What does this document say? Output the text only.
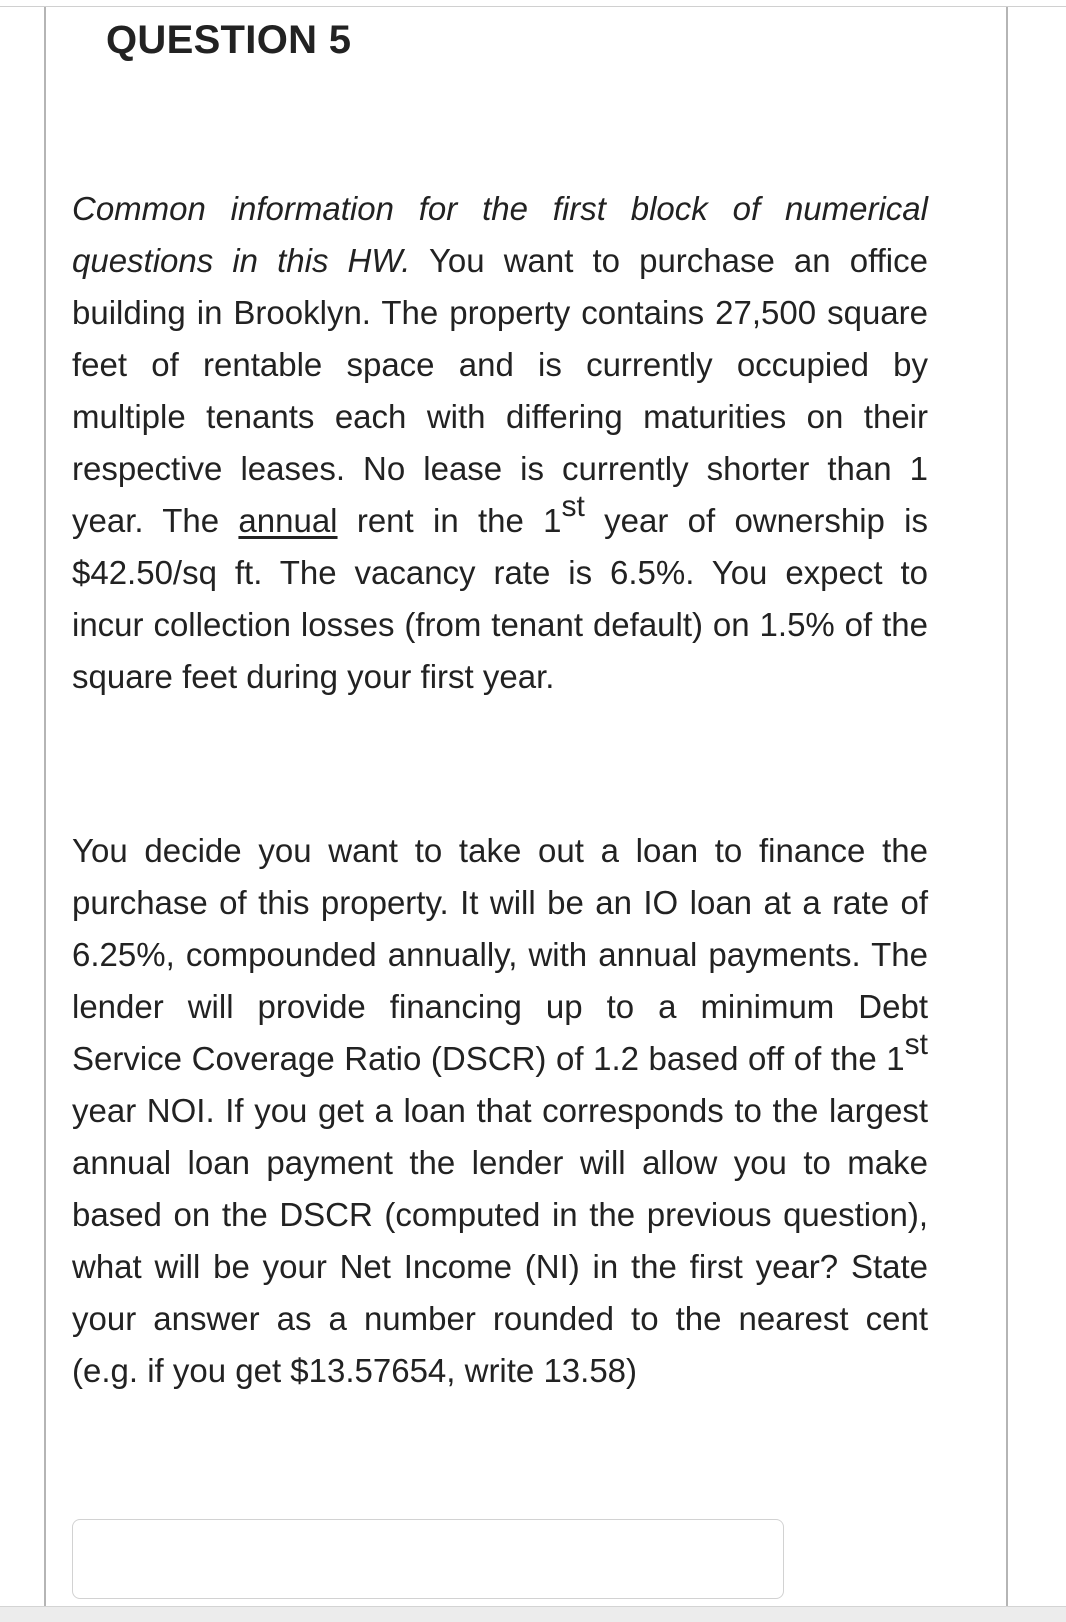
QUESTION 5

Common information for the first block of numerical questions in this HW. You want to purchase an office building in Brooklyn. The property contains 27,500 square feet of rentable space and is currently occupied by multiple tenants each with differing maturities on their respective leases. No lease is currently shorter than 1 year. The annual rent in the 1st year of ownership is $42.50/sq ft. The vacancy rate is 6.5%. You expect to incur collection losses (from tenant default) on 1.5% of the square feet during your first year.

You decide you want to take out a loan to finance the purchase of this property. It will be an IO loan at a rate of 6.25%, compounded annually, with annual payments. The lender will provide financing up to a minimum Debt Service Coverage Ratio (DSCR) of 1.2 based off of the 1st year NOI. If you get a loan that corresponds to the largest annual loan payment the lender will allow you to make based on the DSCR (computed in the previous question), what will be your Net Income (NI) in the first year? State your answer as a number rounded to the nearest cent (e.g. if you get $13.57654, write 13.58)
